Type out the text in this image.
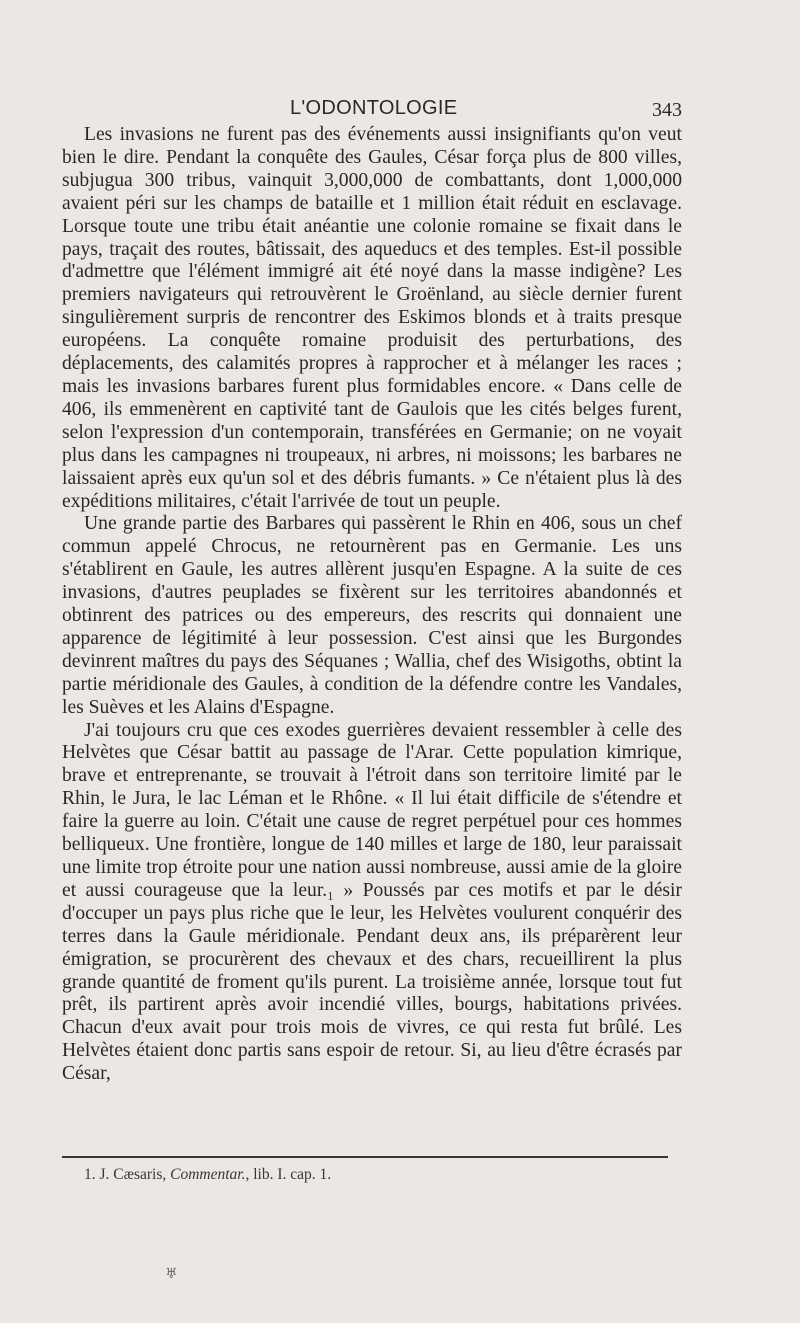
L'ODONTOLOGIE	343

Les invasions ne furent pas des événements aussi insignifiants qu'on veut bien le dire. Pendant la conquête des Gaules, César força plus de 800 villes, subjugua 300 tribus, vainquit 3,000,000 de combattants, dont 1,000,000 avaient péri sur les champs de bataille et 1 million était réduit en esclavage. Lorsque toute une tribu était anéantie une colonie romaine se fixait dans le pays, traçait des routes, bâtissait, des aqueducs et des temples. Est-il possible d'admettre que l'élément immigré ait été noyé dans la masse indigène? Les premiers navigateurs qui retrouvèrent le Groënland, au siècle dernier furent singulièrement surpris de rencontrer des Eskimos blonds et à traits presque européens. La conquête romaine produisit des perturbations, des déplacements, des calamités propres à rapprocher et à mélanger les races ; mais les invasions barbares furent plus formidables encore. « Dans celle de 406, ils emmenèrent en captivité tant de Gaulois que les cités belges furent, selon l'expression d'un contemporain, transférées en Germanie; on ne voyait plus dans les campagnes ni troupeaux, ni arbres, ni moissons; les barbares ne laissaient après eux qu'un sol et des débris fumants. » Ce n'étaient plus là des expéditions militaires, c'était l'arrivée de tout un peuple.

Une grande partie des Barbares qui passèrent le Rhin en 406, sous un chef commun appelé Chrocus, ne retournèrent pas en Germanie. Les uns s'établirent en Gaule, les autres allèrent jusqu'en Espagne. A la suite de ces invasions, d'autres peuplades se fixèrent sur les territoires abandonnés et obtinrent des patrices ou des empereurs, des rescrits qui donnaient une apparence de légitimité à leur possession. C'est ainsi que les Burgondes devinrent maîtres du pays des Séquanes ; Wallia, chef des Wisigoths, obtint la partie méridionale des Gaules, à condition de la défendre contre les Vandales, les Suèves et les Alains d'Espagne.

J'ai toujours cru que ces exodes guerrières devaient ressembler à celle des Helvètes que César battit au passage de l'Arar. Cette population kimrique, brave et entreprenante, se trouvait à l'étroit dans son territoire limité par le Rhin, le Jura, le lac Léman et le Rhône. « Il lui était difficile de s'étendre et faire la guerre au loin. C'était une cause de regret perpétuel pour ces hommes belliqueux. Une frontière, longue de 140 milles et large de 180, leur paraissait une limite trop étroite pour une nation aussi nombreuse, aussi amie de la gloire et aussi courageuse que la leur.₁ » Poussés par ces motifs et par le désir d'occuper un pays plus riche que le leur, les Helvètes voulurent conquérir des terres dans la Gaule méridionale. Pendant deux ans, ils préparèrent leur émigration, se procurèrent des chevaux et des chars, recueillirent la plus grande quantité de froment qu'ils purent. La troisième année, lorsque tout fut prêt, ils partirent après avoir incendié villes, bourgs, habitations privées. Chacun d'eux avait pour trois mois de vivres, ce qui resta fut brûlé. Les Helvètes étaient donc partis sans espoir de retour. Si, au lieu d'être écrasés par César,

1. J. Cæsaris, Commentar., lib. I. cap. 1.
♅
